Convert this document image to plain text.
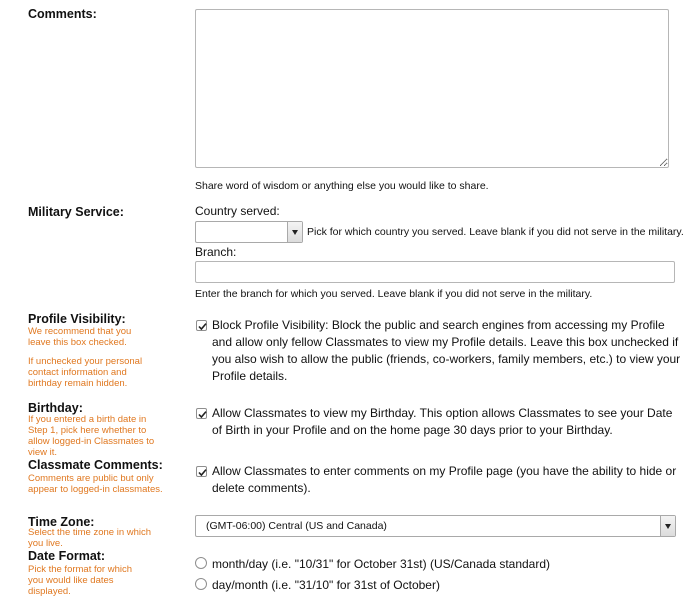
Comments:
Share word of wisdom or anything else you would like to share.
Military Service:	Country served:
Pick for which country you served. Leave blank if you did not serve in the military.
Branch:
Enter the branch for which you served. Leave blank if you did not serve in the military.
Profile Visibility:
We recommend that you leave this box checked.
If unchecked your personal contact information and birthday remain hidden.
Block Profile Visibility: Block the public and search engines from accessing my Profile and allow only fellow Classmates to view my Profile details. Leave this box unchecked if you also wish to allow the public (friends, co-workers, family members, etc.) to view your Profile details.
Birthday:
If you entered a birth date in Step 1, pick here whether to allow logged-in Classmates to view it.
Allow Classmates to view my Birthday. This option allows Classmates to see your Date of Birth in your Profile and on the home page 30 days prior to your Birthday.
Classmate Comments:
Comments are public but only appear to logged-in classmates.
Allow Classmates to enter comments on my Profile page (you have the ability to hide or delete comments).
Time Zone:
Select the time zone in which you live.
(GMT-06:00) Central (US and Canada)
Date Format:
Pick the format for which you would like dates displayed.
month/day (i.e. "10/31" for October 31st) (US/Canada standard)
day/month (i.e. "31/10" for 31st of October)
